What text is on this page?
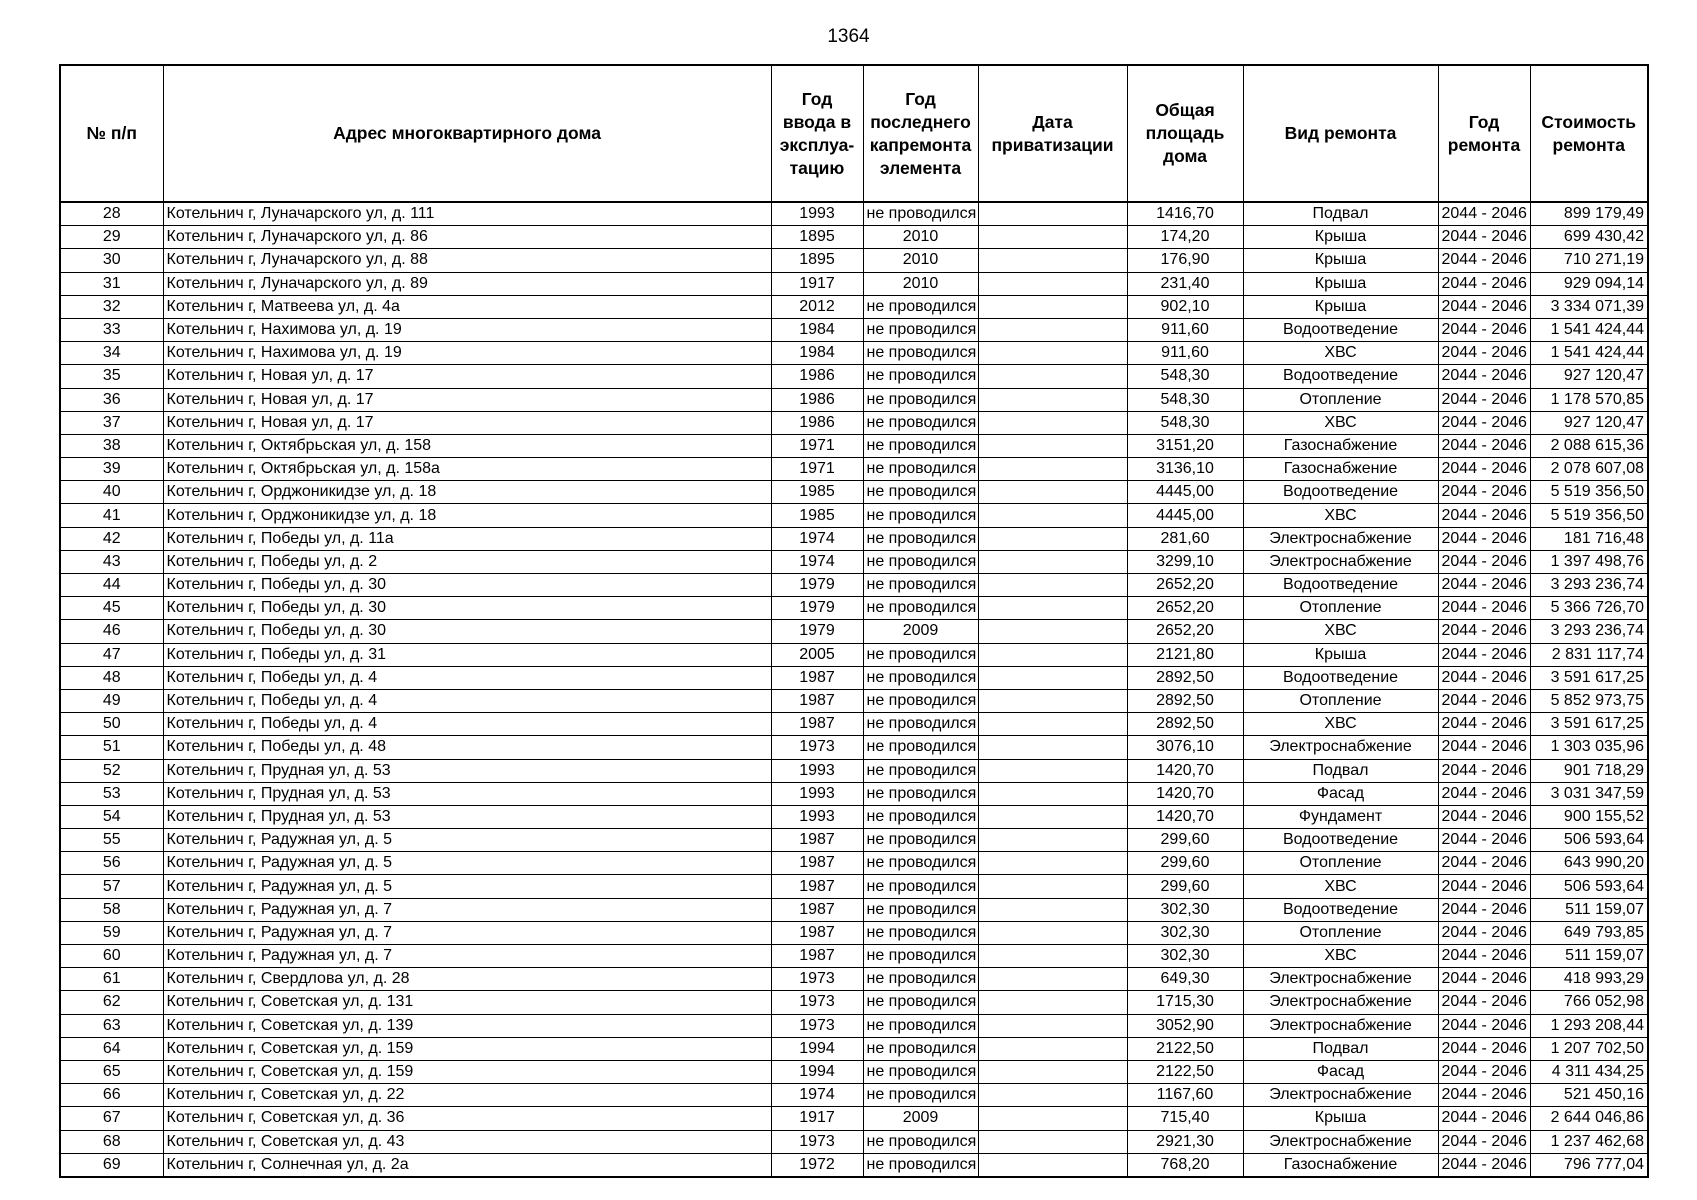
1364
№ п/п	Адрес многоквартирного дома	Год ввода в эксплуа-тацию	Год последнего капремонта элемента	Дата приватизации	Общая площадь дома	Вид ремонта	Год ремонта	Стоимость ремонта
28	Котельнич г, Луначарского ул, д. 111	1993	не проводился		1416,70	Подвал	2044 - 2046	899 179,49
29	Котельнич г, Луначарского ул, д. 86	1895	2010		174,20	Крыша	2044 - 2046	699 430,42
30	Котельнич г, Луначарского ул, д. 88	1895	2010		176,90	Крыша	2044 - 2046	710 271,19
31	Котельнич г, Луначарского ул, д. 89	1917	2010		231,40	Крыша	2044 - 2046	929 094,14
32	Котельнич г, Матвеева ул, д. 4а	2012	не проводился		902,10	Крыша	2044 - 2046	3 334 071,39
33	Котельнич г, Нахимова ул, д. 19	1984	не проводился		911,60	Водоотведение	2044 - 2046	1 541 424,44
34	Котельнич г, Нахимова ул, д. 19	1984	не проводился		911,60	ХВС	2044 - 2046	1 541 424,44
35	Котельнич г, Новая ул, д. 17	1986	не проводился		548,30	Водоотведение	2044 - 2046	927 120,47
36	Котельнич г, Новая ул, д. 17	1986	не проводился		548,30	Отопление	2044 - 2046	1 178 570,85
37	Котельнич г, Новая ул, д. 17	1986	не проводился		548,30	ХВС	2044 - 2046	927 120,47
38	Котельнич г, Октябрьская ул, д. 158	1971	не проводился		3151,20	Газоснабжение	2044 - 2046	2 088 615,36
39	Котельнич г, Октябрьская ул, д. 158а	1971	не проводился		3136,10	Газоснабжение	2044 - 2046	2 078 607,08
40	Котельнич г, Орджоникидзе ул, д. 18	1985	не проводился		4445,00	Водоотведение	2044 - 2046	5 519 356,50
41	Котельнич г, Орджоникидзе ул, д. 18	1985	не проводился		4445,00	ХВС	2044 - 2046	5 519 356,50
42	Котельнич г, Победы ул, д. 11а	1974	не проводился		281,60	Электроснабжение	2044 - 2046	181 716,48
43	Котельнич г, Победы ул, д. 2	1974	не проводился		3299,10	Электроснабжение	2044 - 2046	1 397 498,76
44	Котельнич г, Победы ул, д. 30	1979	не проводился		2652,20	Водоотведение	2044 - 2046	3 293 236,74
45	Котельнич г, Победы ул, д. 30	1979	не проводился		2652,20	Отопление	2044 - 2046	5 366 726,70
46	Котельнич г, Победы ул, д. 30	1979	2009		2652,20	ХВС	2044 - 2046	3 293 236,74
47	Котельнич г, Победы ул, д. 31	2005	не проводился		2121,80	Крыша	2044 - 2046	2 831 117,74
48	Котельнич г, Победы ул, д. 4	1987	не проводился		2892,50	Водоотведение	2044 - 2046	3 591 617,25
49	Котельнич г, Победы ул, д. 4	1987	не проводился		2892,50	Отопление	2044 - 2046	5 852 973,75
50	Котельнич г, Победы ул, д. 4	1987	не проводился		2892,50	ХВС	2044 - 2046	3 591 617,25
51	Котельнич г, Победы ул, д. 48	1973	не проводился		3076,10	Электроснабжение	2044 - 2046	1 303 035,96
52	Котельнич г, Прудная ул, д. 53	1993	не проводился		1420,70	Подвал	2044 - 2046	901 718,29
53	Котельнич г, Прудная ул, д. 53	1993	не проводился		1420,70	Фасад	2044 - 2046	3 031 347,59
54	Котельнич г, Прудная ул, д. 53	1993	не проводился		1420,70	Фундамент	2044 - 2046	900 155,52
55	Котельнич г, Радужная ул, д. 5	1987	не проводился		299,60	Водоотведение	2044 - 2046	506 593,64
56	Котельнич г, Радужная ул, д. 5	1987	не проводился		299,60	Отопление	2044 - 2046	643 990,20
57	Котельнич г, Радужная ул, д. 5	1987	не проводился		299,60	ХВС	2044 - 2046	506 593,64
58	Котельнич г, Радужная ул, д. 7	1987	не проводился		302,30	Водоотведение	2044 - 2046	511 159,07
59	Котельнич г, Радужная ул, д. 7	1987	не проводился		302,30	Отопление	2044 - 2046	649 793,85
60	Котельнич г, Радужная ул, д. 7	1987	не проводился		302,30	ХВС	2044 - 2046	511 159,07
61	Котельнич г, Свердлова ул, д. 28	1973	не проводился		649,30	Электроснабжение	2044 - 2046	418 993,29
62	Котельнич г, Советская ул, д. 131	1973	не проводился		1715,30	Электроснабжение	2044 - 2046	766 052,98
63	Котельнич г, Советская ул, д. 139	1973	не проводился		3052,90	Электроснабжение	2044 - 2046	1 293 208,44
64	Котельнич г, Советская ул, д. 159	1994	не проводился		2122,50	Подвал	2044 - 2046	1 207 702,50
65	Котельнич г, Советская ул, д. 159	1994	не проводился		2122,50	Фасад	2044 - 2046	4 311 434,25
66	Котельнич г, Советская ул, д. 22	1974	не проводился		1167,60	Электроснабжение	2044 - 2046	521 450,16
67	Котельнич г, Советская ул, д. 36	1917	2009		715,40	Крыша	2044 - 2046	2 644 046,86
68	Котельнич г, Советская ул, д. 43	1973	не проводился		2921,30	Электроснабжение	2044 - 2046	1 237 462,68
69	Котельнич г, Солнечная ул, д. 2а	1972	не проводился		768,20	Газоснабжение	2044 - 2046	796 777,04
